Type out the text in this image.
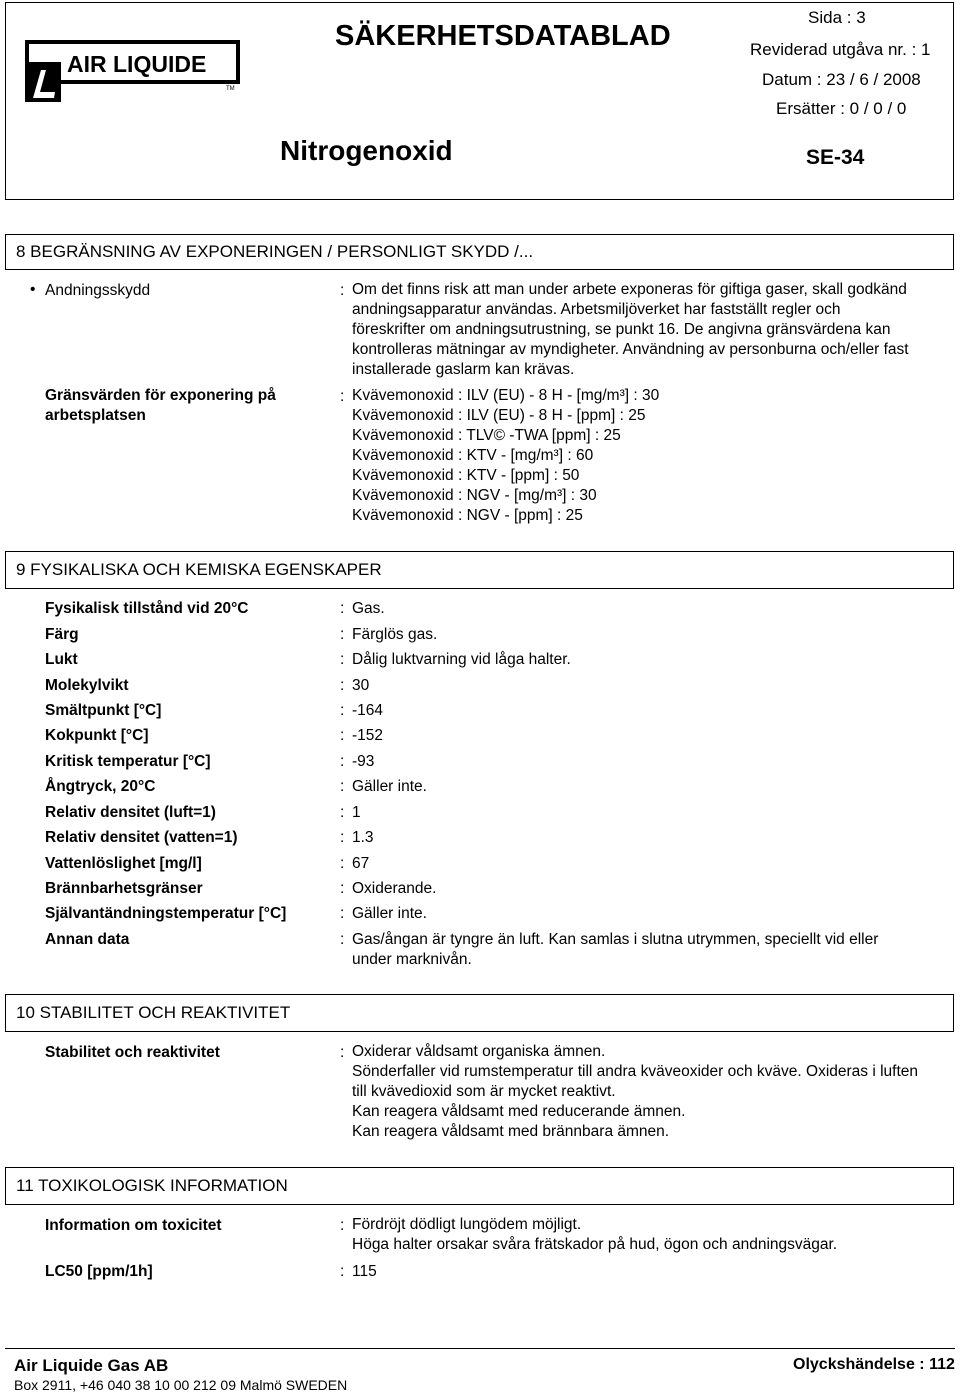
AIR LIQUIDE
TM
SÄKERHETSDATABLAD
Nitrogenoxid
Sida : 3
Reviderad utgåva nr. : 1
Datum : 23 / 6 / 2008
Ersätter : 0 / 0 / 0
SE-34
8 BEGRÄNSNING AV EXPONERINGEN / PERSONLIGT SKYDD /...
• Andningsskydd	: Om det finns risk att man under arbete exponeras för giftiga gaser, skall godkänd
andningsapparatur användas. Arbetsmiljöverket har fastställt regler och
föreskrifter om andningsutrustning, se punkt 16. De angivna gränsvärdena kan
kontrolleras mätningar av myndigheter. Användning av personburna och/eller fast
installerade gaslarm kan krävas.
Gränsvärden för exponering på
arbetsplatsen
: Kvävemonoxid : ILV (EU) - 8 H - [mg/m³] : 30
Kvävemonoxid : ILV (EU) - 8 H - [ppm] : 25
Kvävemonoxid : TLV© -TWA [ppm] : 25
Kvävemonoxid : KTV - [mg/m³] : 60
Kvävemonoxid : KTV - [ppm] : 50
Kvävemonoxid : NGV - [mg/m³] : 30
Kvävemonoxid : NGV - [ppm] : 25
9 FYSIKALISKA OCH KEMISKA EGENSKAPER
Fysikalisk tillstånd vid 20°C	: Gas.
Färg	: Färglös gas.
Lukt	: Dålig luktvarning vid låga halter.
Molekylvikt	: 30
Smältpunkt [°C]	: -164
Kokpunkt [°C]	: -152
Kritisk temperatur [°C]	: -93
Ångtryck, 20°C	: Gäller inte.
Relativ densitet (luft=1)	: 1
Relativ densitet (vatten=1)	: 1.3
Vattenlöslighet [mg/l]	: 67
Brännbarhetsgränser	: Oxiderande.
Självantändningstemperatur [°C]	: Gäller inte.
Annan data	: Gas/ångan är tyngre än luft. Kan samlas i slutna utrymmen, speciellt vid eller
under marknivån.
10 STABILITET OCH REAKTIVITET
Stabilitet och reaktivitet	: Oxiderar våldsamt organiska ämnen.
Sönderfaller vid rumstemperatur till andra kväveoxider och kväve. Oxideras i luften
till kvävedioxid som är mycket reaktivt.
Kan reagera våldsamt med reducerande ämnen.
Kan reagera våldsamt med brännbara ämnen.
11 TOXIKOLOGISK INFORMATION
Information om toxicitet	: Fördröjt dödligt lungödem möjligt.
Höga halter orsakar svåra frätskador på hud, ögon och andningsvägar.
LC50 [ppm/1h]	: 115
Air Liquide Gas AB
Box 2911, +46 040 38 10 00 212 09 Malmö SWEDEN
Olyckshändelse : 112
